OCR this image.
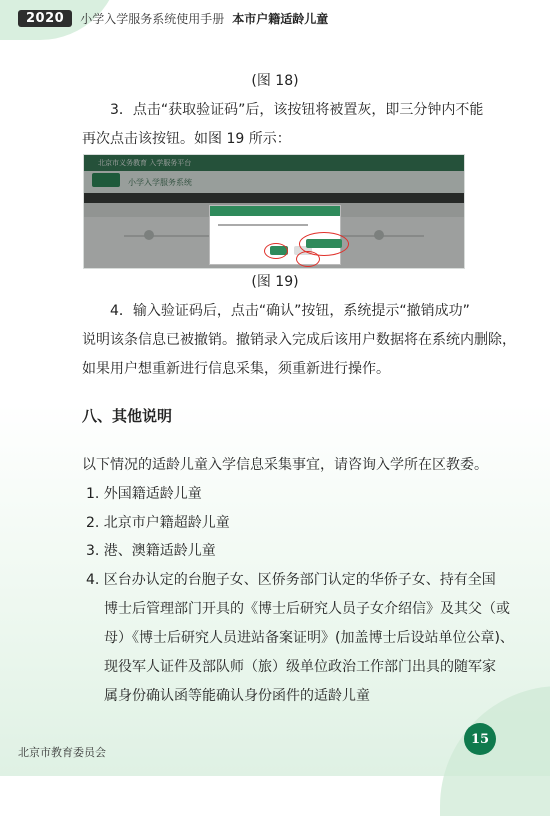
2020	小学入学服务系统使用手册 本市户籍适龄儿童
(图 18)
3．点击“获取验证码”后，该按钮将被置灰，即三分钟内不能
再次点击该按钮。如图 19 所示：
北京市义务教育 入学服务平台
小学入学服务系统
(图 19)
4．输入验证码后，点击“确认”按钮，系统提示“撤销成功”
说明该条信息已被撤销。撤销录入完成后该用户数据将在系统内删除，
如果用户想重新进行信息采集，须重新进行操作。
八、其他说明
以下情况的适龄儿童入学信息采集事宜，请咨询入学所在区教委。
1. 外国籍适龄儿童
2. 北京市户籍超龄儿童
3. 港、澳籍适龄儿童
4. 区台办认定的台胞子女、区侨务部门认定的华侨子女、持有全国
博士后管理部门开具的《博士后研究人员子女介绍信》及其父（或
母）《博士后研究人员进站备案证明》(加盖博士后设站单位公章)、
现役军人证件及部队师（旅）级单位政治工作部门出具的随军家
属身份确认函等能确认身份函件的适龄儿童
北京市教育委员会
15
